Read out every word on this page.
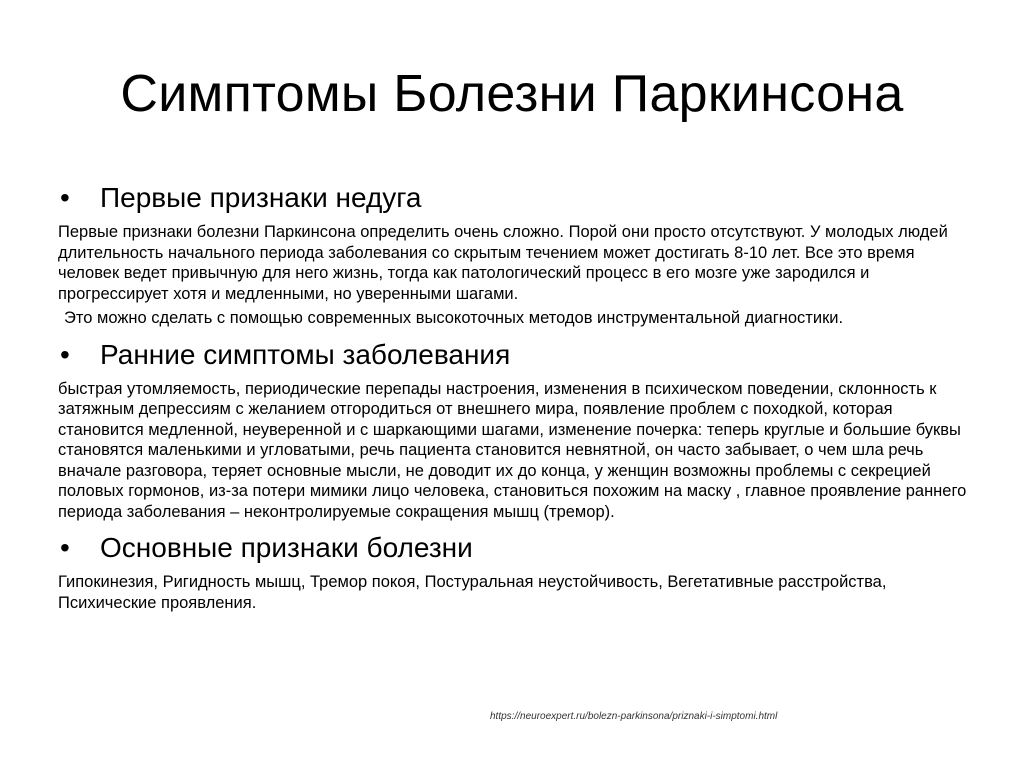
Симптомы Болезни Паркинсона
•	Первые признаки недуга

Первые признаки болезни Паркинсона определить очень сложно. Порой они просто отсутствуют. У молодых людей длительность начального периода заболевания со скрытым течением может достигать 8-10 лет. Все это время человек ведет привычную для него жизнь, тогда как патологический процесс в его мозге уже зародился и прогрессирует хотя и медленными, но уверенными шагами.

Это можно сделать с помощью современных высокоточных методов инструментальной диагностики.

•	Ранние симптомы заболевания

быстрая утомляемость, периодические перепады настроения, изменения в психическом поведении, склонность к затяжным депрессиям с желанием отгородиться от внешнего мира, появление проблем с походкой, которая становится медленной, неуверенной и с шаркающими шагами, изменение почерка: теперь круглые и большие буквы становятся маленькими и угловатыми, речь пациента становится невнятной, он часто забывает, о чем шла речь вначале разговора, теряет основные мысли, не доводит их до конца, у женщин возможны проблемы с секрецией половых гормонов, из-за потери мимики лицо человека, становиться похожим на маску , главное проявление раннего периода заболевания – неконтролируемые сокращения мышц (тремор).

•	Основные признаки болезни

Гипокинезия, Ригидность мышц, Тремор покоя, Постуральная неустойчивость, Вегетативные расстройства, Психические проявления.

https://neuroexpert.ru/bolezn-parkinsona/priznaki-i-simptomi.html
